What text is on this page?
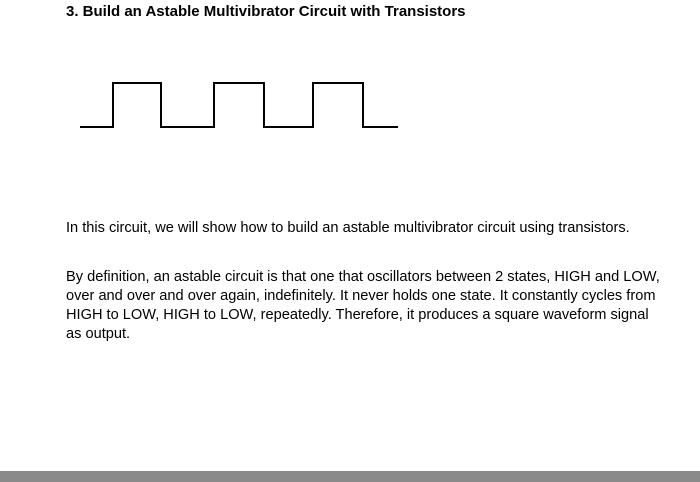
3. Build an Astable Multivibrator Circuit with Transistors

In this circuit, we will show how to build an astable multivibrator circuit using transistors.

By definition, an astable circuit is that one that oscillators between 2 states, HIGH and LOW, over and over and over again, indefinitely. It never holds one state. It constantly cycles from HIGH to LOW, HIGH to LOW, repeatedly. Therefore, it produces a square waveform signal as output.
